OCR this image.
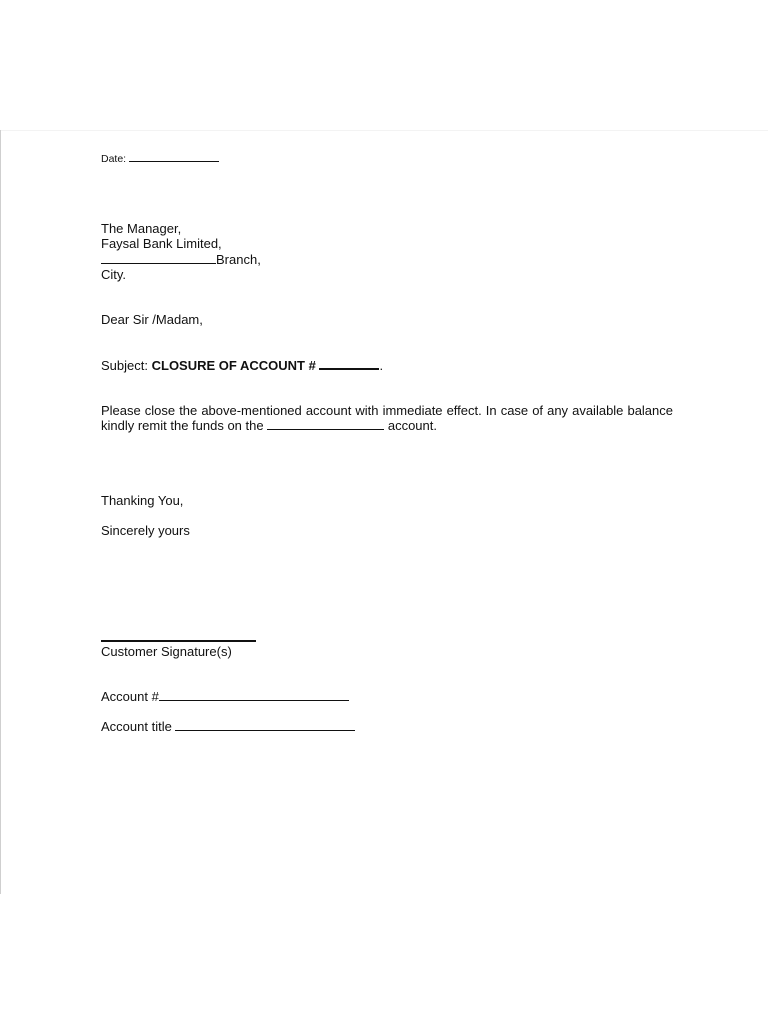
Date:
The Manager,
Faysal Bank Limited,
Branch,
City.
Dear Sir /Madam,
Subject: CLOSURE OF ACCOUNT #	.
Please close the above-mentioned account with immediate effect. In case of any available balance kindly remit the funds on the	account.
Thanking You,
Sincerely yours
Customer Signature(s)
Account #
Account title
